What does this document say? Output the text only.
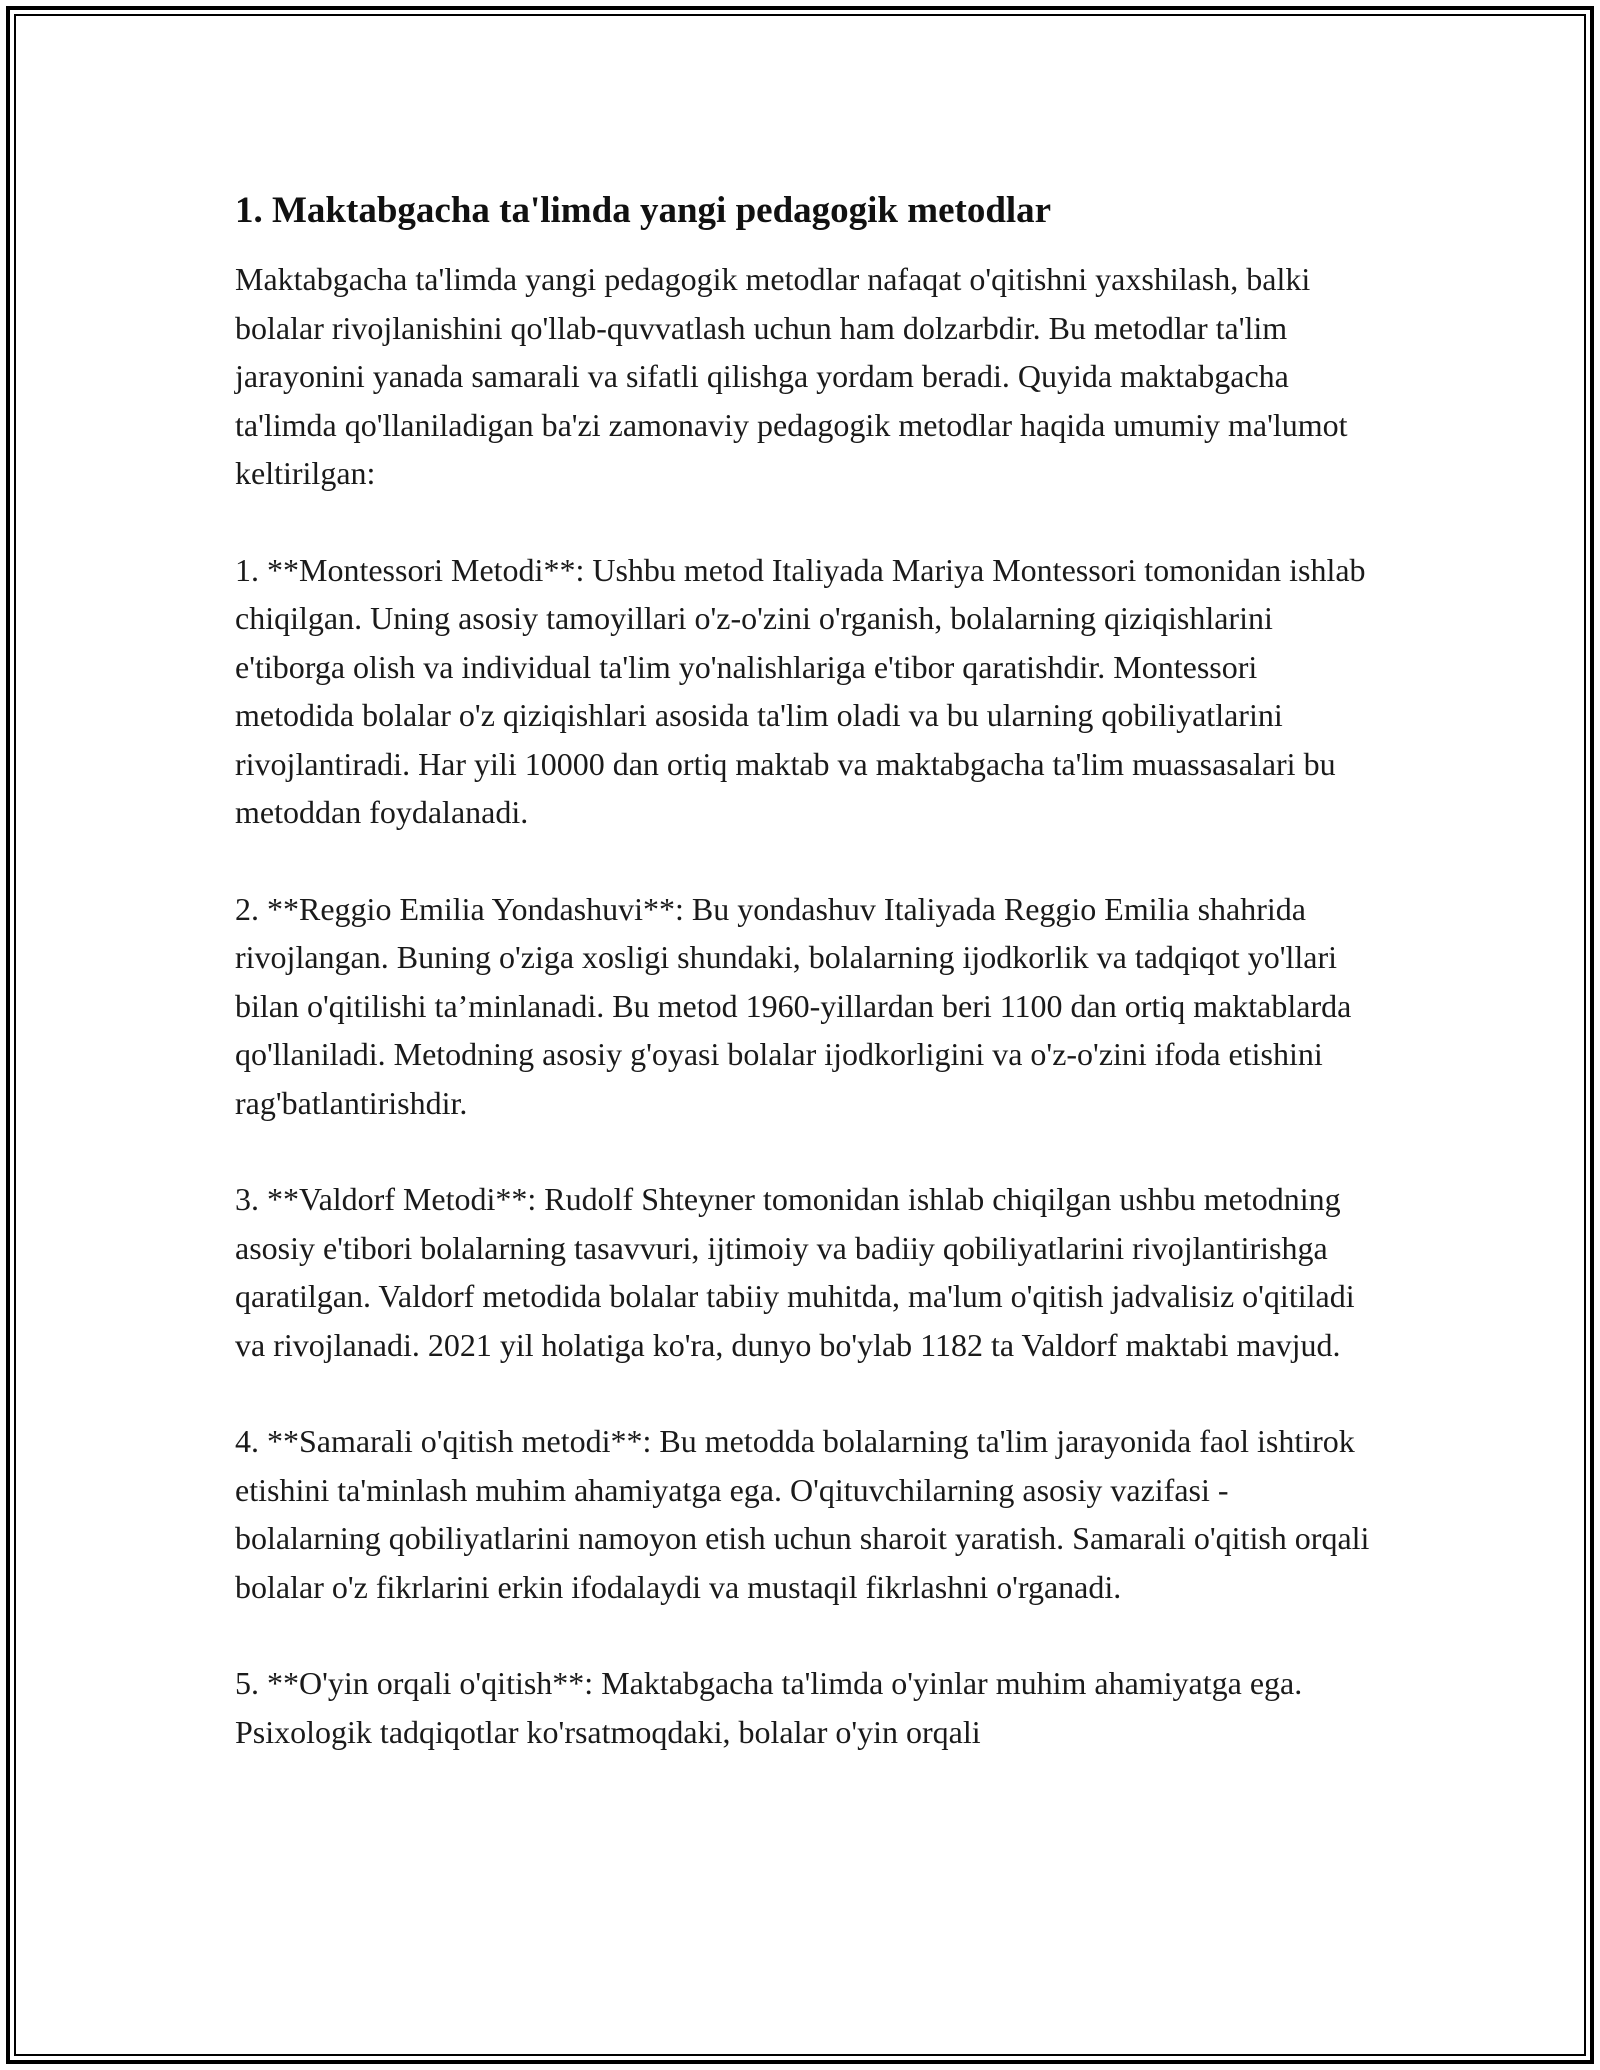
1. Maktabgacha ta'limda yangi pedagogik metodlar

Maktabgacha ta'limda yangi pedagogik metodlar nafaqat o'qitishni yaxshilash, balki bolalar rivojlanishini qo'llab-quvvatlash uchun ham dolzarbdir. Bu metodlar ta'lim jarayonini yanada samarali va sifatli qilishga yordam beradi. Quyida maktabgacha ta'limda qo'llaniladigan ba'zi zamonaviy pedagogik metodlar haqida umumiy ma'lumot keltirilgan:

1. **Montessori Metodi**: Ushbu metod Italiyada Mariya Montessori tomonidan ishlab chiqilgan. Uning asosiy tamoyillari o'z-o'zini o'rganish, bolalarning qiziqishlarini e'tiborga olish va individual ta'lim yo'nalishlariga e'tibor qaratishdir. Montessori metodida bolalar o'z qiziqishlari asosida ta'lim oladi va bu ularning qobiliyatlarini rivojlantiradi. Har yili 10000 dan ortiq maktab va maktabgacha ta'lim muassasalari bu metoddan foydalanadi.

2. **Reggio Emilia Yondashuvi**: Bu yondashuv Italiyada Reggio Emilia shahrida rivojlangan. Buning o'ziga xosligi shundaki, bolalarning ijodkorlik va tadqiqot yo'llari bilan o'qitilishi ta’minlanadi. Bu metod 1960-yillardan beri 1100 dan ortiq maktablarda qo'llaniladi. Metodning asosiy g'oyasi bolalar ijodkorligini va o'z-o'zini ifoda etishini rag'batlantirishdir.

3. **Valdorf Metodi**: Rudolf Shteyner tomonidan ishlab chiqilgan ushbu metodning asosiy e'tibori bolalarning tasavvuri, ijtimoiy va badiiy qobiliyatlarini rivojlantirishga qaratilgan. Valdorf metodida bolalar tabiiy muhitda, ma'lum o'qitish jadvalisiz o'qitiladi va rivojlanadi. 2021 yil holatiga ko'ra, dunyo bo'ylab 1182 ta Valdorf maktabi mavjud.

4. **Samarali o'qitish metodi**: Bu metodda bolalarning ta'lim jarayonida faol ishtirok etishini ta'minlash muhim ahamiyatga ega. O'qituvchilarning asosiy vazifasi - bolalarning qobiliyatlarini namoyon etish uchun sharoit yaratish. Samarali o'qitish orqali bolalar o'z fikrlarini erkin ifodalaydi va mustaqil fikrlashni o'rganadi.

5. **O'yin orqali o'qitish**: Maktabgacha ta'limda o'yinlar muhim ahamiyatga ega. Psixologik tadqiqotlar ko'rsatmoqdaki, bolalar o'yin orqali
